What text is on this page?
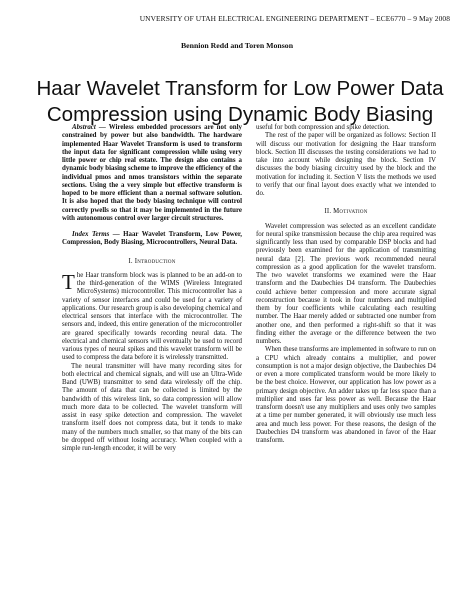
UNVERSITY OF UTAH ELECTRICAL ENGINEERING DEPARTMENT – ECE6770 – 9 May 2008
Bennion Redd and Toren Monson
Haar Wavelet Transform for Low Power Data
Compression using Dynamic Body Biasing

Abstract — Wireless embedded processors are not only constrained by power but also bandwidth. The hardware implemented Haar Wavelet Transform is used to transform the input data for significant compression while using very little power or chip real estate. The design also contains a dynamic body biasing scheme to improve the efficiency of the individual pmos and nmos transistors within the separate sections. Using the a very simple but effective transform is hoped to be more efficient than a normal software solution. It is also hoped that the body biasing technique will control correctly pwells so that it may be implemented in the future with autonomous control over larger circuit structures.

Index Terms — Haar Wavelet Transform, Low Power, Compression, Body Biasing, Microcontrollers, Neural Data.

I. Introduction

The Haar transform block was is planned to be an add-on to the third-generation of the WIMS (Wireless Integrated MicroSystems) microcontroller. This microcontroller has a variety of sensor interfaces and could be used for a variety of applications. Our research group is also developing chemical and electrical sensors that interface with the microcontroller. The sensors and, indeed, this entire generation of the microcontroller are geared specifically towards recording neural data. The electrical and chemical sensors will eventually be used to record various types of neural spikes and this wavelet transform will be used to compress the data before it is wirelessly transmitted.

The neural transmitter will have many recording sites for both electrical and chemical signals, and will use an Ultra-Wide Band (UWB) transmitter to send data wirelessly off the chip. The amount of data that can be collected is limited by the bandwidth of this wireless link, so data compression will allow much more data to be collected. The wavelet transform will assist in easy spike detection and compression. The wavelet transform itself does not compress data, but it tends to make many of the numbers much smaller, so that many of the bits can be dropped off without losing accuracy. When coupled with a simple run-length encoder, it will be very

useful for both compression and spike detection.

The rest of the paper will be organized as follows: Section II will discuss our motivation for designing the Haar transform block. Section III discusses the testing considerations we had to take into account while designing the block. Section IV discusses the body biasing circuitry used by the block and the motivation for including it. Section V lists the methods we used to verify that our final layout does exactly what we intended to do.

II. Motivation

Wavelet compression was selected as an excellent candidate for neural spike transmission because the chip area required was significantly less than used by comparable DSP blocks and had previously been examined for the application of transmitting neural data [2]. The previous work recommended neural compression as a good application for the wavelet transform. The two wavelet transforms we examined were the Haar transform and the Daubechies D4 transform. The Daubechies could achieve better compression and more accurate signal reconstruction because it took in four numbers and multiplied them by four coefficients while calculating each resulting number. The Haar merely added or subtracted one number from another one, and then performed a right-shift so that it was finding either the average or the difference between the two numbers.

When these transforms are implemented in software to run on a CPU which already contains a multiplier, and power consumption is not a major design objective, the Daubechies D4 or even a more complicated transform would be more likely to be the best choice. However, our application has low power as a primary design objective. An adder takes up far less space than a multiplier and uses far less power as well. Because the Haar transform doesn't use any multipliers and uses only two samples at a time per number generated, it will obviously use much less area and much less power. For these reasons, the design of the Daubechies D4 transform was abandoned in favor of the Haar transform.
